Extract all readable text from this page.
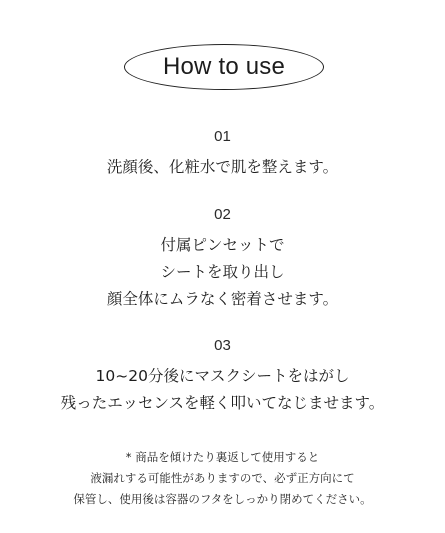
How to use
01
洗顔後、化粧水で肌を整えます。
02
付属ピンセットで
シートを取り出し
顔全体にムラなく密着させます。
03
10~20分後にマスクシートをはがし
残ったエッセンスを軽く叩いてなじませます。
* 商品を傾けたり裏返して使用すると
液漏れする可能性がありますので、必ず正方向にて
保管し、使用後は容器のフタをしっかり閉めてください。
